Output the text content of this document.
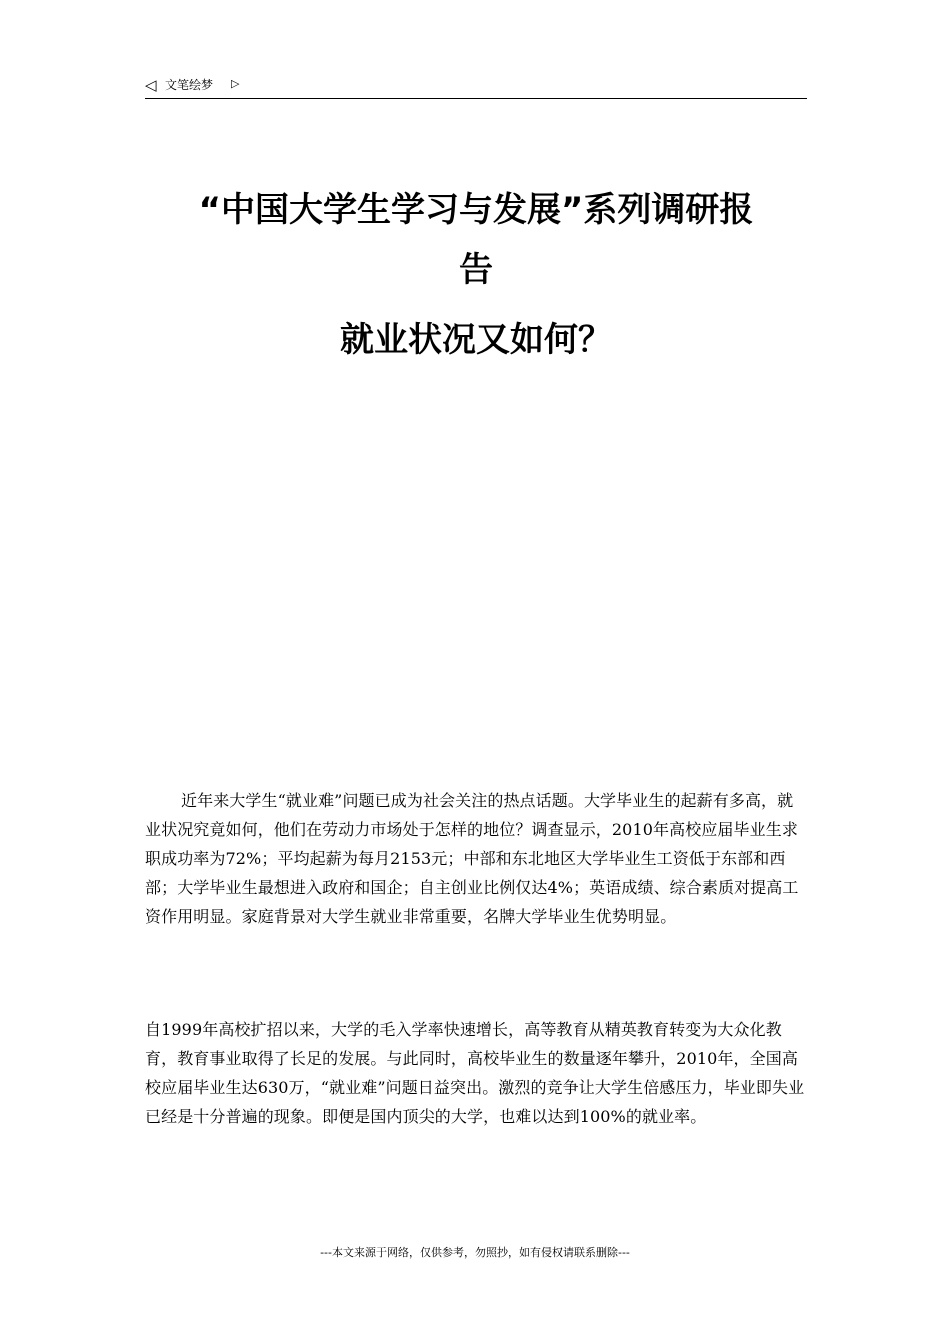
◁ 文笔绘梦 ▷
“中国大学生学习与发展”系列调研报
告
就业状况又如何？

近年来大学生“就业难”问题已成为社会关注的热点话题。大学毕业生的起薪有多高，就业状况究竟如何，他们在劳动力市场处于怎样的地位？调查显示，2010年高校应届毕业生求职成功率为72%；平均起薪为每月2153元；中部和东北地区大学毕业生工资低于东部和西部；大学毕业生最想进入政府和国企；自主创业比例仅达4%；英语成绩、综合素质对提高工资作用明显。家庭背景对大学生就业非常重要，名牌大学毕业生优势明显。

自1999年高校扩招以来，大学的毛入学率快速增长，高等教育从精英教育转变为大众化教育，教育事业取得了长足的发展。与此同时，高校毕业生的数量逐年攀升，2010年，全国高校应届毕业生达630万，“就业难”问题日益突出。激烈的竞争让大学生倍感压力，毕业即失业已经是十分普遍的现象。即便是国内顶尖的大学，也难以达到100%的就业率。

---本文来源于网络，仅供参考，勿照抄，如有侵权请联系删除---
